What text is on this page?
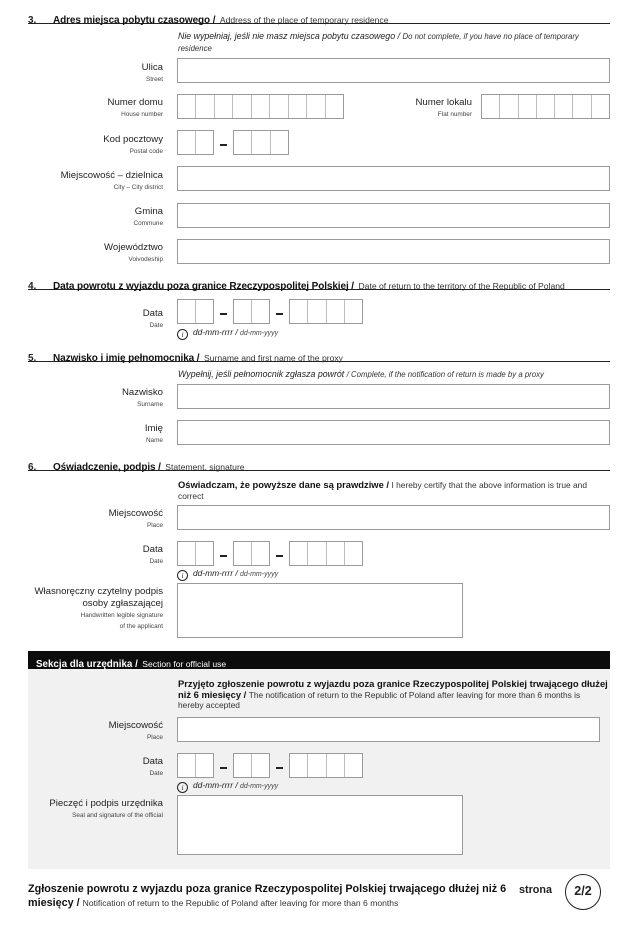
3. Adres miejsca pobytu czasowego / Address of the place of temporary residence
Nie wypełniaj, jeśli nie masz miejsca pobytu czasowego / Do not complete, if you have no place of temporary residence
Ulica
Street
Numer domu
House number
Numer lokalu
Flat number
Kod pocztowy
Postal code
Miejscowość – dzielnica
City – City district
Gmina
Commune
Województwo
Voivodeship
4. Data powrotu z wyjazdu poza granice Rzeczypospolitej Polskiej / Date of return to the territory of the Republic of Poland
Data
Date
i dd-mm-rrrr / dd-mm-yyyy
5. Nazwisko i imię pełnomocnika / Surname and first name of the proxy
Wypełnij, jeśli pełnomocnik zgłasza powrót / Complete, if the notification of return is made by a proxy
Nazwisko
Surname
Imię
Name
6. Oświadczenie, podpis / Statement, signature
Oświadczam, że powyższe dane są prawdziwe / I hereby certify that the above information is true and correct
Miejscowość
Place
Data
Date
i dd-mm-rrrr / dd-mm-yyyy
Własnoręczny czytelny podpis
osoby zgłaszającej
Handwritten legible signature
of the applicant
Sekcja dla urzędnika / Section for official use
Przyjęto zgłoszenie powrotu z wyjazdu poza granice Rzeczypospolitej Polskiej trwającego dłużej niż 6 miesięcy / The notification of return to the Republic of Poland after leaving for more than 6 months is hereby accepted
Miejscowość
Place
Data
Date
i dd-mm-rrrr / dd-mm-yyyy
Pieczęć i podpis urzędnika
Seal and signature of the official
Zgłoszenie powrotu z wyjazdu poza granice Rzeczypospolitej Polskiej trwającego dłużej niż 6 miesięcy / Notification of return to the Republic of Poland after leaving for more than 6 months
strona	2/2
